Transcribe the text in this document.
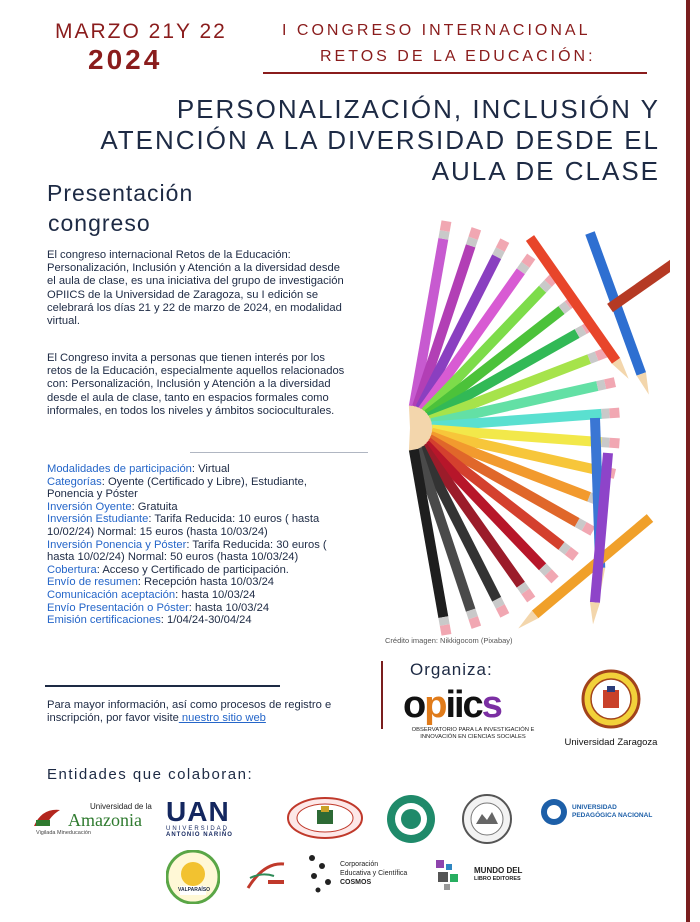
MARZO 21Y 22
2024
I CONGRESO INTERNACIONAL
RETOS DE LA EDUCACIÓN:
PERSONALIZACIÓN, INCLUSIÓN Y
ATENCIÓN A LA DIVERSIDAD DESDE EL
AULA DE CLASE
Presentación
congreso
El congreso internacional Retos de la Educación: Personalización, Inclusión y Atención a la diversidad desde el aula de clase, es una iniciativa del grupo de investigación OPIICS de la Universidad de Zaragoza, su I edición se celebrará los días 21 y 22 de marzo de 2024, en modalidad virtual.
El Congreso invita a personas que tienen interés por los retos de la Educación, especialmente aquellos relacionados con: Personalización, Inclusión y Atención a la diversidad desde el aula de clase, tanto en espacios formales como informales, en todos los niveles y ámbitos socioculturales.
Modalidades de participación: Virtual
Categorías: Oyente (Certificado y Libre), Estudiante, Ponencia y Póster
Inversión Oyente: Gratuita
Inversión Estudiante: Tarifa Reducida: 10 euros ( hasta 10/02/24) Normal: 15 euros (hasta 10/03/24)
Inversión Ponencia y Póster: Tarifa Reducida: 30 euros ( hasta 10/02/24) Normal: 50 euros (hasta 10/03/24)
Cobertura: Acceso y Certificado de participación.
Envío de resumen: Recepción hasta 10/03/24
Comunicación aceptación: hasta 10/03/24
Envío Presentación o Póster: hasta 10/03/24
Emisión certificaciones: 1/04/24-30/04/24
Para mayor información, así como procesos de registro e inscripción, por favor visite nuestro sitio web
Crédito imagen: Nikkigocom (Pixabay)
Organiza:
opiics
OBSERVATORIO PARA LA INVESTIGACIÓN E INNOVACIÓN EN CIENCIAS SOCIALES	Universidad Zaragoza
Entidades que colaboran:
Universidad de la
Amazonia
Vigilada Mineducación
UAN
UNIVERSIDAD
ANTONIO NARIÑO
UNIVERSIDAD PEDAGÓGICA NACIONAL
VALPARAÍSO
Corporación
Educativa y Científica
COSMOS
MUNDO DEL
LIBRO EDITORES
